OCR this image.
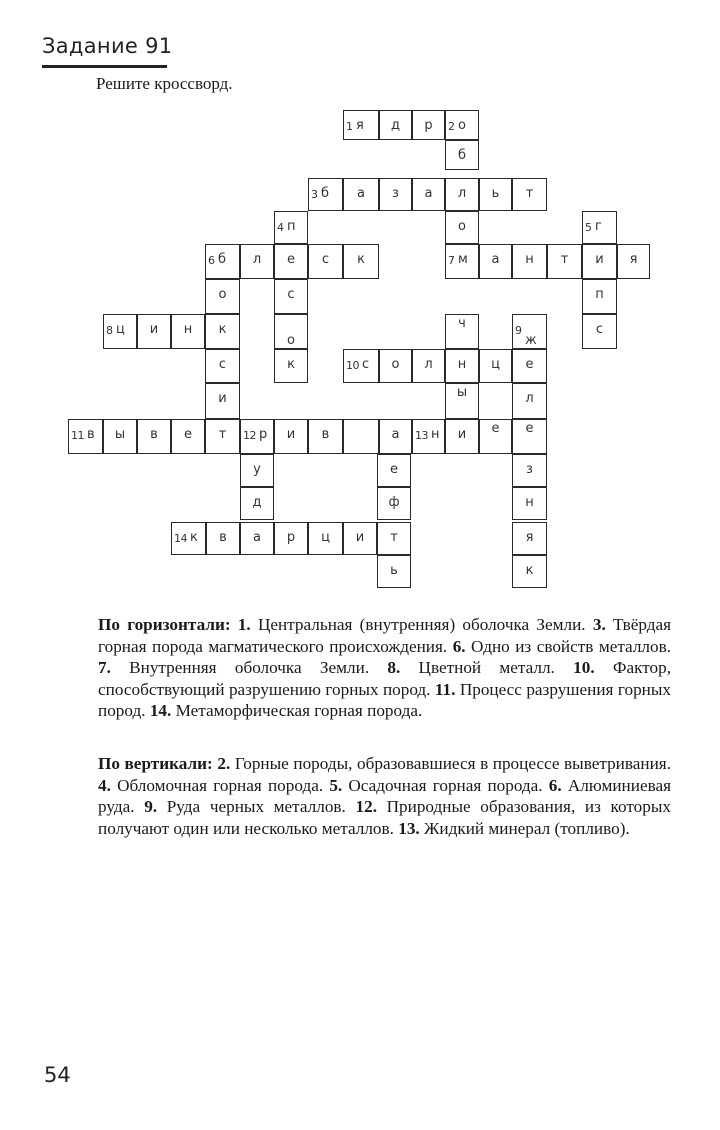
Задание 91
Решите кроссворд.
1 я	д	р	2 о
б
3 б	а	з	а	л	ь	т
4 п	о	5 г
6 б	л	е	с	к	7 м	а	н	т	и	я
о	с	п
8 ц	и	н	к
о
ч	9
ж
с
с	к	10 с	о	л	н	ц	е
и	ы	л
11 в	ы	в	е	т	12 р	и	в	а	13 н	и	е	е
у	е	з
д	ф	н
14 к	в	а	р	ц	и	т	я
ь	к

По горизонтали: 1. Центральная (внутренняя) оболочка Земли. 3. Твёрдая горная порода магматического происхождения. 6. Одно из свойств металлов. 7. Внутренняя оболочка Земли. 8. Цветной металл. 10. Фактор, способствующий разрушению горных пород. 11. Процесс разрушения горных пород. 14. Метаморфическая горная порода.

По вертикали: 2. Горные породы, образовавшиеся в процессе выветривания. 4. Обломочная горная порода. 5. Осадочная горная порода. 6. Алюминиевая руда. 9. Руда черных металлов. 12. Природные образования, из которых получают один или несколько металлов. 13. Жидкий минерал (топливо).

54
